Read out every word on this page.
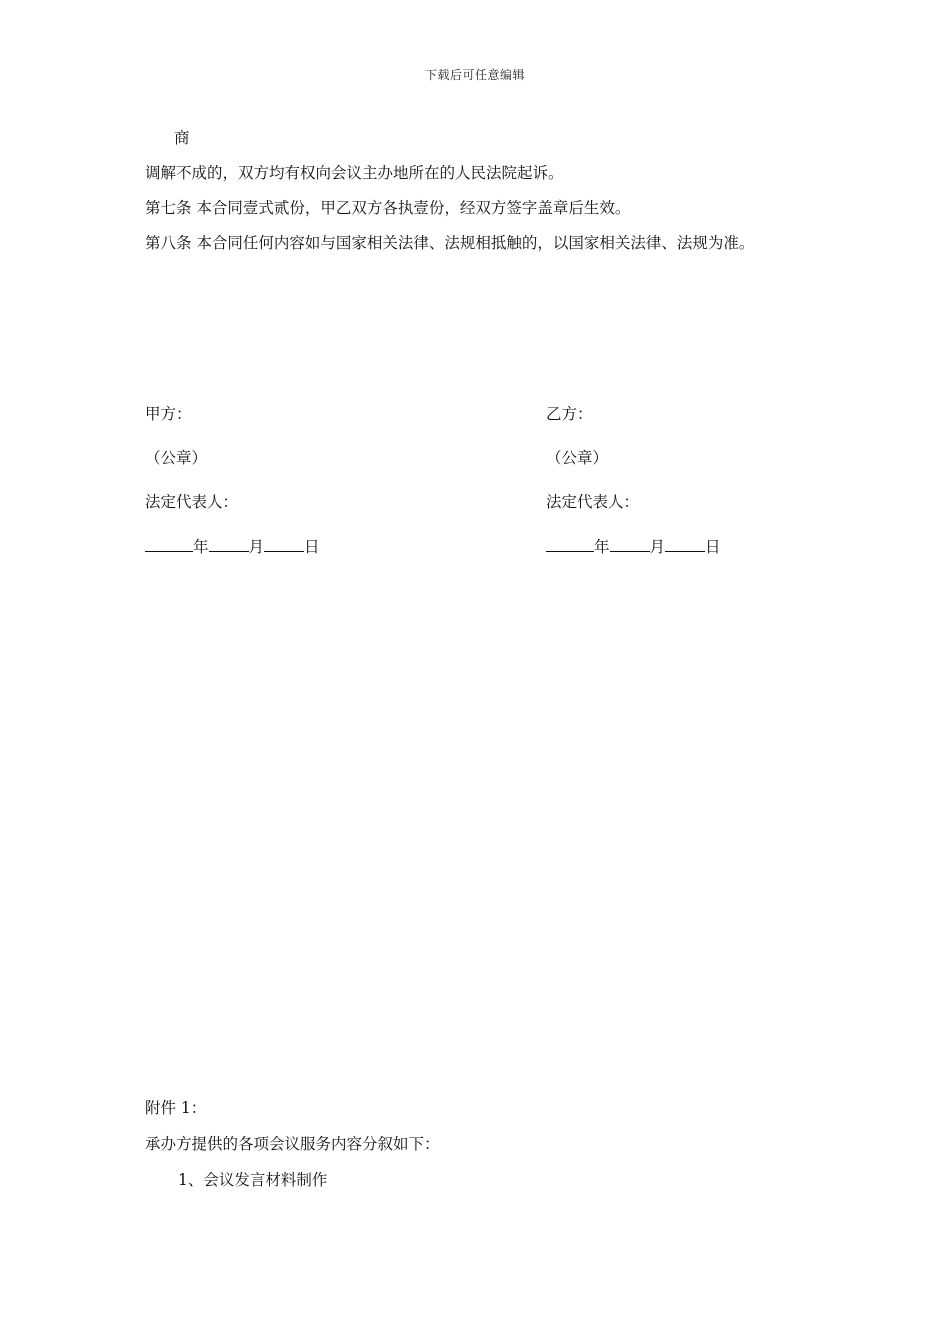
下载后可任意编辑
商
调解不成的，双方均有权向会议主办地所在的人民法院起诉。
第七条 本合同壹式贰份，甲乙双方各执壹份，经双方签字盖章后生效。
第八条 本合同任何内容如与国家相关法律、法规相抵触的，以国家相关法律、法规为准。
甲方：
（公章）
法定代表人：
年	月	日
乙方：
（公章）
法定代表人：
年	月	日
附件 1：
承办方提供的各项会议服务内容分叙如下：
1、会议发言材料制作
